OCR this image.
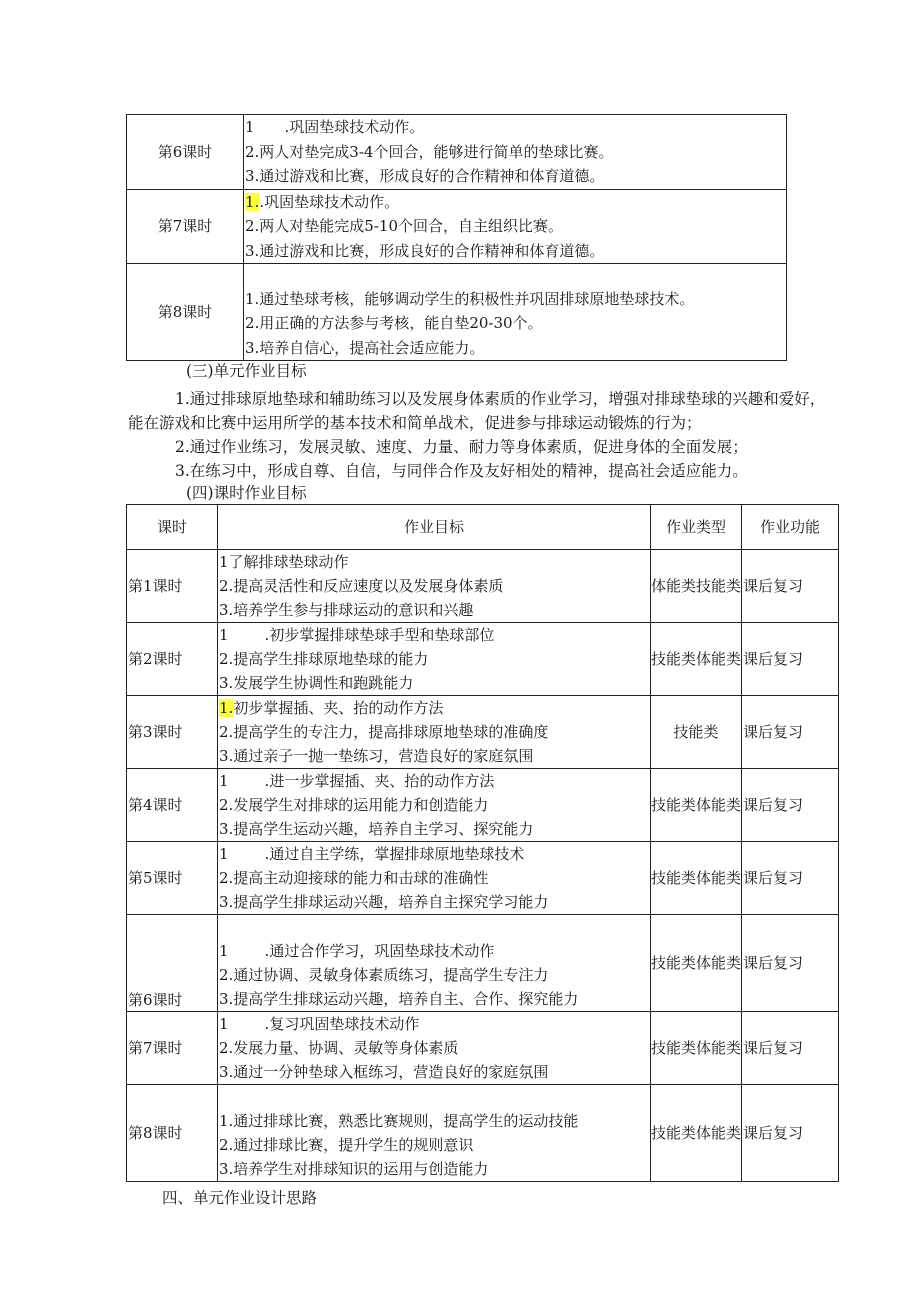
第6课时	1　　.巩固垫球技术动作。
2.两人对垫完成3-4个回合，能够进行简单的垫球比赛。
3.通过游戏和比赛，形成良好的合作精神和体育道德。

第7课时	1..巩固垫球技术动作。
2.两人对垫能完成5-10个回合，自主组织比赛。
3.通过游戏和比赛，形成良好的合作精神和体育道德。

第8课时	1.通过垫球考核，能够调动学生的积极性并巩固排球原地垫球技术。
2.用正确的方法参与考核，能自垫20-30个。
3.培养自信心，提高社会适应能力。
(三)单元作业目标
1.通过排球原地垫球和辅助练习以及发展身体素质的作业学习，增强对排球垫球的兴趣和爱好，能在游戏和比赛中运用所学的基本技术和简单战术，促进参与排球运动锻炼的行为；
2.通过作业练习，发展灵敏、速度、力量、耐力等身体素质，促进身体的全面发展；
3.在练习中，形成自尊、自信，与同伴合作及友好相处的精神，提高社会适应能力。
(四)课时作业目标
课时	作业目标	作业类型	作业功能
第1课时	1了解排球垫球动作
2.提高灵活性和反应速度以及发展身体素质
3.培养学生参与排球运动的意识和兴趣	体能类技能类	课后复习
第2课时	1 .初步掌握排球垫球手型和垫球部位
2.提高学生排球原地垫球的能力
3.发展学生协调性和跑跳能力	技能类体能类	课后复习
第3课时	1.初步掌握插、夹、抬的动作方法
2.提高学生的专注力，提高排球原地垫球的准确度
3.通过亲子一抛一垫练习，营造良好的家庭氛围	技能类	课后复习
第4课时	1 .进一步掌握插、夹、抬的动作方法
2.发展学生对排球的运用能力和创造能力
3.提高学生运动兴趣，培养自主学习、探究能力	技能类体能类	课后复习
第5课时	1 .通过自主学练，掌握排球原地垫球技术
2.提高主动迎接球的能力和击球的准确性
3.提高学生排球运动兴趣，培养自主探究学习能力	技能类体能类	课后复习
第6课时	1 .通过合作学习，巩固垫球技术动作
2.通过协调、灵敏身体素质练习，提高学生专注力
3.提高学生排球运动兴趣，培养自主、合作、探究能力	技能类体能类	课后复习
第7课时	1 .复习巩固垫球技术动作
2.发展力量、协调、灵敏等身体素质
3.通过一分钟垫球入框练习，营造良好的家庭氛围	技能类体能类	课后复习
第8课时	1.通过排球比赛，熟悉比赛规则，提高学生的运动技能
2.通过排球比赛，提升学生的规则意识
3.培养学生对排球知识的运用与创造能力	技能类体能类	课后复习
四、单元作业设计思路
